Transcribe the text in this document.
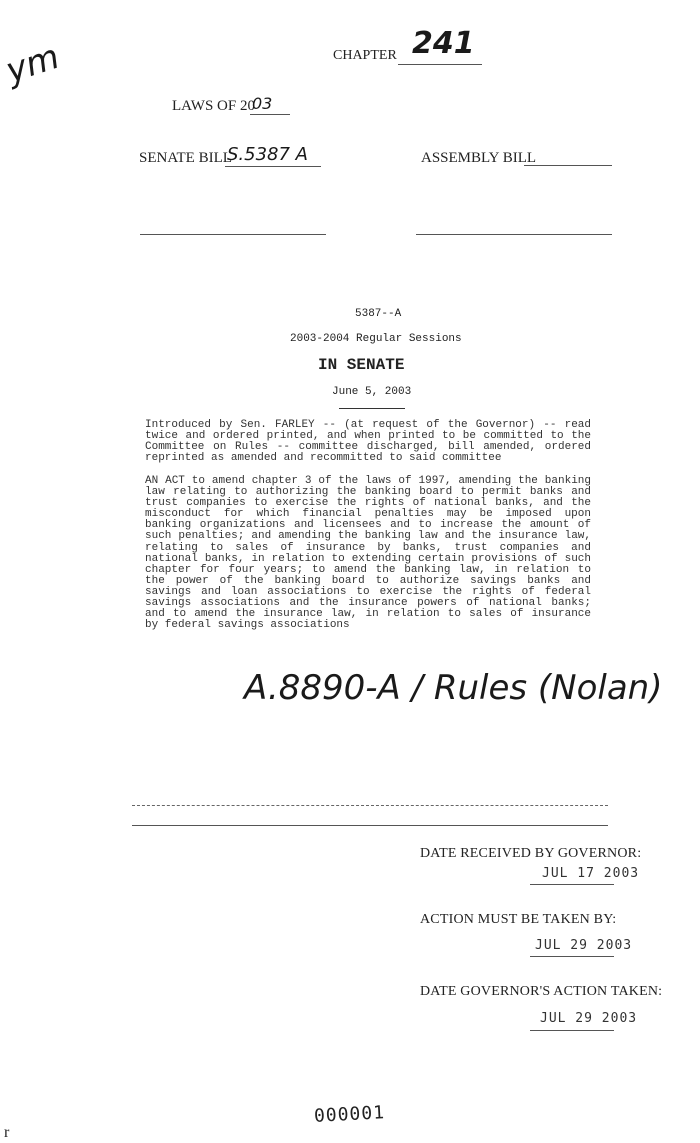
ym	CHAPTER 241
LAWS OF 20
03
SENATE BILL
S.5387 A	ASSEMBLY BILL
5387--A
2003-2004 Regular Sessions
IN SENATE
June 5, 2003
Introduced by Sen. FARLEY -- (at request of the Governor) -- read twice and ordered printed, and when printed to be committed to the Committee on Rules -- committee discharged, bill amended, ordered reprinted as amended and recommitted to said committee
AN ACT to amend chapter 3 of the laws of 1997, amending the banking law relating to authorizing the banking board to permit banks and trust companies to exercise the rights of national banks, and the misconduct for which financial penalties may be imposed upon banking organizations and licensees and to increase the amount of such penalties; and amending the banking law and the insurance law, relating to sales of insurance by banks, trust companies and national banks, in relation to extending certain provisions of such chapter for four years; to amend the banking law, in relation to the power of the banking board to authorize savings banks and savings and loan associations to exercise the rights of federal savings associations and the insurance powers of national banks; and to amend the insurance law, in relation to sales of insurance by federal savings associations
A.8890-A / Rules (Nolan)
DATE RECEIVED BY GOVERNOR:
JUL 17 2003
ACTION MUST BE TAKEN BY:
JUL 29 2003
DATE GOVERNOR'S ACTION TAKEN:
JUL 29 2003
000001
r
